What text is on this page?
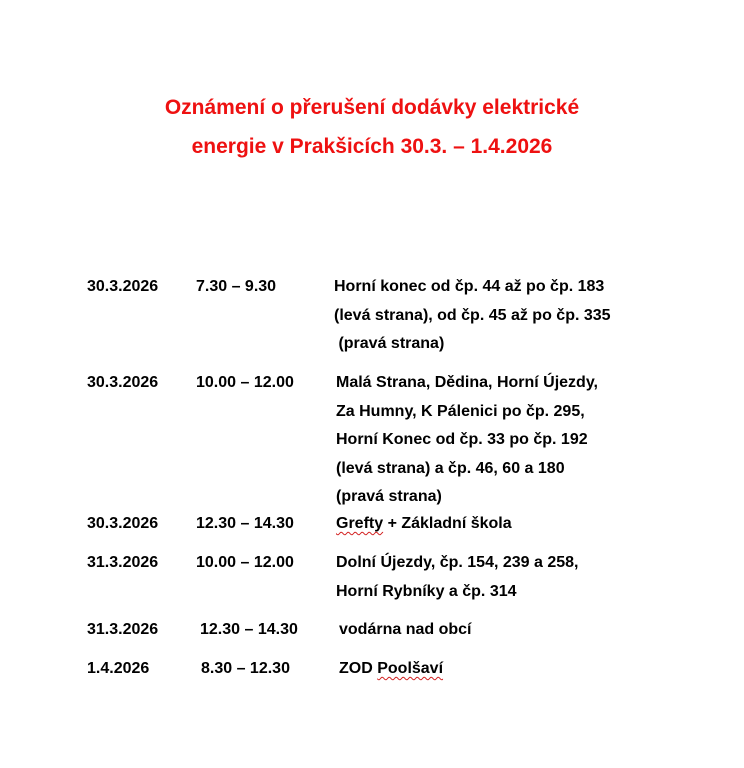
Oznámení o přerušení dodávky elektrické
energie v Prakšicích 30.3. – 1.4.2026
30.3.2026 7.30 – 9.30	Horní konec od čp. 44 až po čp. 183
(levá strana), od čp. 45 až po čp. 335
(pravá strana)
30.3.2026 10.00 – 12.00	Malá Strana, Dědina, Horní Újezdy,
Za Humny, K Pálenici po čp. 295,
Horní Konec od čp. 33 po čp. 192
(levá strana) a čp. 46, 60 a 180
(pravá strana)
30.3.2026 12.30 – 14.30	Grefty + Základní škola
31.3.2026 10.00 – 12.00	Dolní Újezdy, čp. 154, 239 a 258,
Horní Rybníky a čp. 314
31.3.2026	12.30 – 14.30	vodárna nad obcí
1.4.2026	8.30 – 12.30	ZOD Poolšaví
